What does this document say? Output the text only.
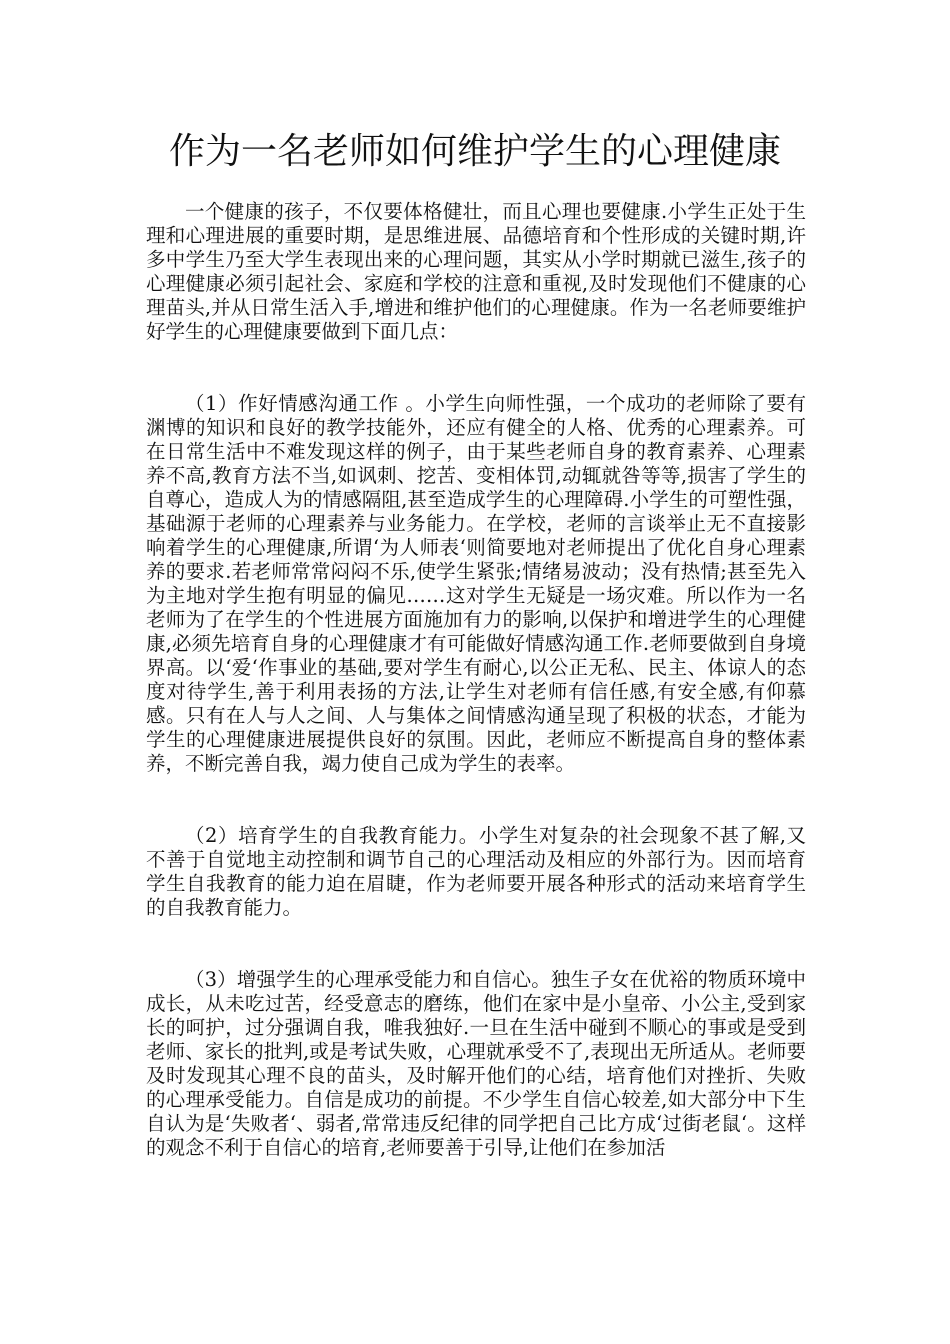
作为一名老师如何维护学生的心理健康

一个健康的孩子，不仅要体格健壮，而且心理也要健康.小学生正处于生理和心理进展的重要时期，是思维进展、品德培育和个性形成的关键时期,许多中学生乃至大学生表现出来的心理问题，其实从小学时期就已滋生,孩子的心理健康必须引起社会、家庭和学校的注意和重视,及时发现他们不健康的心理苗头,并从日常生活入手,增进和维护他们的心理健康。作为一名老师要维护好学生的心理健康要做到下面几点：

（1）作好情感沟通工作 。小学生向师性强，一个成功的老师除了要有渊博的知识和良好的教学技能外，还应有健全的人格、优秀的心理素养。可在日常生活中不难发现这样的例子，由于某些老师自身的教育素养、心理素养不高,教育方法不当,如讽刺、挖苦、变相体罚,动辄就咎等等,损害了学生的自尊心，造成人为的情感隔阻,甚至造成学生的心理障碍.小学生的可塑性强，基础源于老师的心理素养与业务能力。在学校，老师的言谈举止无不直接影响着学生的心理健康,所谓‘为人师表‘则简要地对老师提出了优化自身心理素养的要求.若老师常常闷闷不乐,使学生紧张;情绪易波动；没有热情;甚至先入为主地对学生抱有明显的偏见……这对学生无疑是一场灾难。所以作为一名老师为了在学生的个性进展方面施加有力的影响,以保护和增进学生的心理健康,必须先培育自身的心理健康才有可能做好情感沟通工作.老师要做到自身境界高。以‘爱‘作事业的基础,要对学生有耐心,以公正无私、民主、体谅人的态度对待学生,善于利用表扬的方法,让学生对老师有信任感,有安全感,有仰慕感。只有在人与人之间、人与集体之间情感沟通呈现了积极的状态，才能为学生的心理健康进展提供良好的氛围。因此，老师应不断提高自身的整体素养，不断完善自我，竭力使自己成为学生的表率。

（2）培育学生的自我教育能力。小学生对复杂的社会现象不甚了解,又不善于自觉地主动控制和调节自己的心理活动及相应的外部行为。因而培育学生自我教育的能力迫在眉睫，作为老师要开展各种形式的活动来培育学生的自我教育能力。

（3）增强学生的心理承受能力和自信心。独生子女在优裕的物质环境中成长，从未吃过苦，经受意志的磨练，他们在家中是小皇帝、小公主,受到家长的呵护，过分强调自我，唯我独好.一旦在生活中碰到不顺心的事或是受到老师、家长的批判,或是考试失败，心理就承受不了,表现出无所适从。老师要及时发现其心理不良的苗头，及时解开他们的心结，培育他们对挫折、失败的心理承受能力。自信是成功的前提。不少学生自信心较差,如大部分中下生自认为是‘失败者‘、弱者,常常违反纪律的同学把自己比方成‘过街老鼠‘。这样的观念不利于自信心的培育,老师要善于引导,让他们在参加活
